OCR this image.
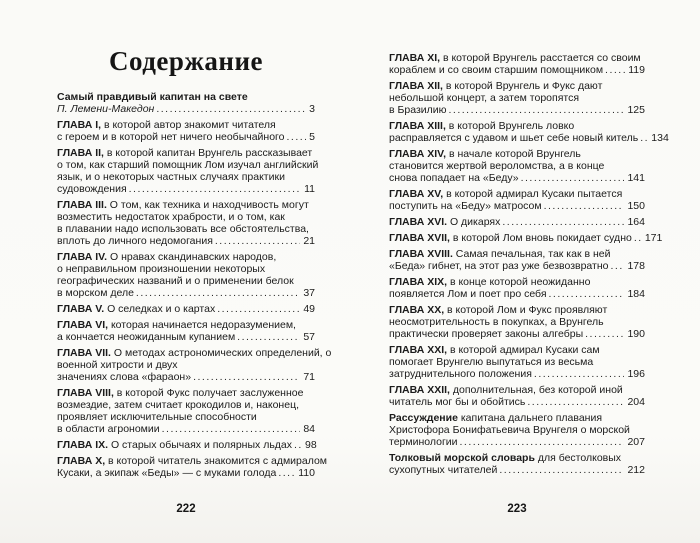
Содержание
Самый правдивый капитан на свете
П. Лемени-Македон .....	3
ГЛАВА I, в которой автор знакомит читателя
с героем и в которой нет ничего необычайного ..... 5
ГЛАВА II, в которой капитан Врунгель рассказывает
о том, как старший помощник Лом изучал английский
язык, и о некоторых частных случаях практики
судовождения .....	11
ГЛАВА III. О том, как техника и находчивость могут
возместить недостаток храбрости, и о том, как
в плавании надо использовать все обстоятельства,
вплоть до личного недомогания .....	21
ГЛАВА IV. О нравах скандинавских народов,
о неправильном произношении некоторых
географических названий и о применении белок
в морском деле .....	37
ГЛАВА V. О селедках и о картах .....	49
ГЛАВА VI, которая начинается недоразумением,
а кончается неожиданным купанием .....	57
ГЛАВА VII. О методах астрономических определений, о
военной хитрости и двух
значениях слова «фараон» .....	71
ГЛАВА VIII, в которой Фукс получает заслуженное
возмездие, затем считает крокодилов и, наконец,
проявляет исключительные способности
в области агрономии .....	84
ГЛАВА IX. О старых обычаях и полярных льдах ..... 98
ГЛАВА X, в которой читатель знакомится с адмиралом
Кусаки, а экипаж «Беды» — с муками голода ..... 110
222
ГЛАВА XI, в которой Врунгель расстается со своим
кораблем и со своим старшим помощником ..... 119
ГЛАВА XII, в которой Врунгель и Фукс дают
небольшой концерт, а затем торопятся
в Бразилию .....	125
ГЛАВА XIII, в которой Врунгель ловко
расправляется с удавом и шьет себе новый китель ..... 134
ГЛАВА XIV, в начале которой Врунгель
становится жертвой вероломства, а в конце
снова попадает на «Беду» .....	141
ГЛАВА XV, в которой адмирал Кусаки пытается
поступить на «Беду» матросом .....	150
ГЛАВА XVI. О дикарях .....	164
ГЛАВА XVII, в которой Лом вновь покидает судно ..... 171
ГЛАВА XVIII. Самая печальная, так как в ней
«Беда» гибнет, на этот раз уже безвозвратно ..... 178
ГЛАВА XIX, в конце которой неожиданно
появляется Лом и поет про себя .....	184
ГЛАВА XX, в которой Лом и Фукс проявляют
неосмотрительность в покупках, а Врунгель
практически проверяет законы алгебры .....	190
ГЛАВА XXI, в которой адмирал Кусаки сам
помогает Врунгелю выпутаться из весьма
затруднительного положения .....	196
ГЛАВА XXII, дополнительная, без которой иной
читатель мог бы и обойтись .....	204
Рассуждение капитана дальнего плавания
Христофора Бонифатьевича Врунгеля о морской
терминологии .....	207
Толковый морской словарь для бестолковых
сухопутных читателей .....	212
223
